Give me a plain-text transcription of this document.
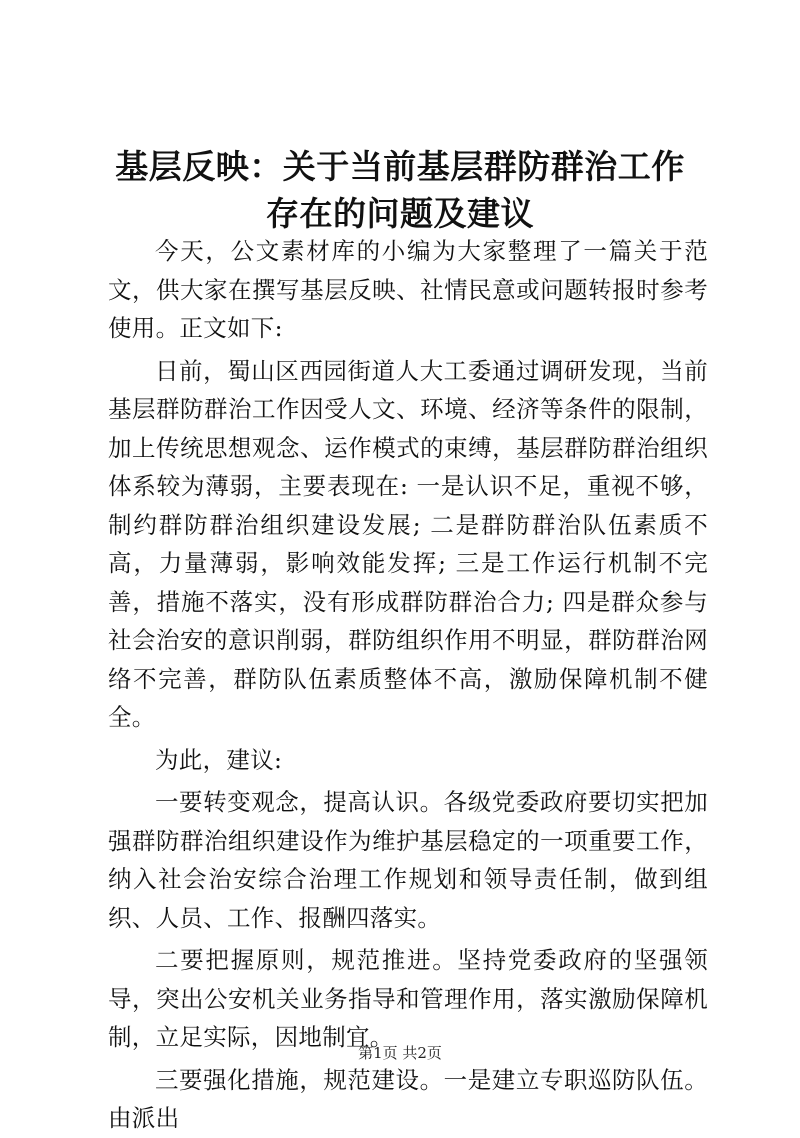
基层反映：关于当前基层群防群治工作存在的问题及建议

今天，公文素材库的小编为大家整理了一篇关于范文，供大家在撰写基层反映、社情民意或问题转报时参考使用。正文如下:

日前，蜀山区西园街道人大工委通过调研发现，当前基层群防群治工作因受人文、环境、经济等条件的限制，加上传统思想观念、运作模式的束缚，基层群防群治组织体系较为薄弱，主要表现在: 一是认识不足，重视不够，制约群防群治组织建设发展; 二是群防群治队伍素质不高，力量薄弱，影响效能发挥; 三是工作运行机制不完善，措施不落实，没有形成群防群治合力; 四是群众参与社会治安的意识削弱，群防组织作用不明显，群防群治网络不完善，群防队伍素质整体不高，激励保障机制不健全。

为此，建议:

一要转变观念，提高认识。各级党委政府要切实把加强群防群治组织建设作为维护基层稳定的一项重要工作，纳入社会治安综合治理工作规划和领导责任制，做到组织、人员、工作、报酬四落实。

二要把握原则，规范推进。坚持党委政府的坚强领导，突出公安机关业务指导和管理作用，落实激励保障机制，立足实际，因地制宜。

三要强化措施，规范建设。一是建立专职巡防队伍。由派出

第1页 共2页
